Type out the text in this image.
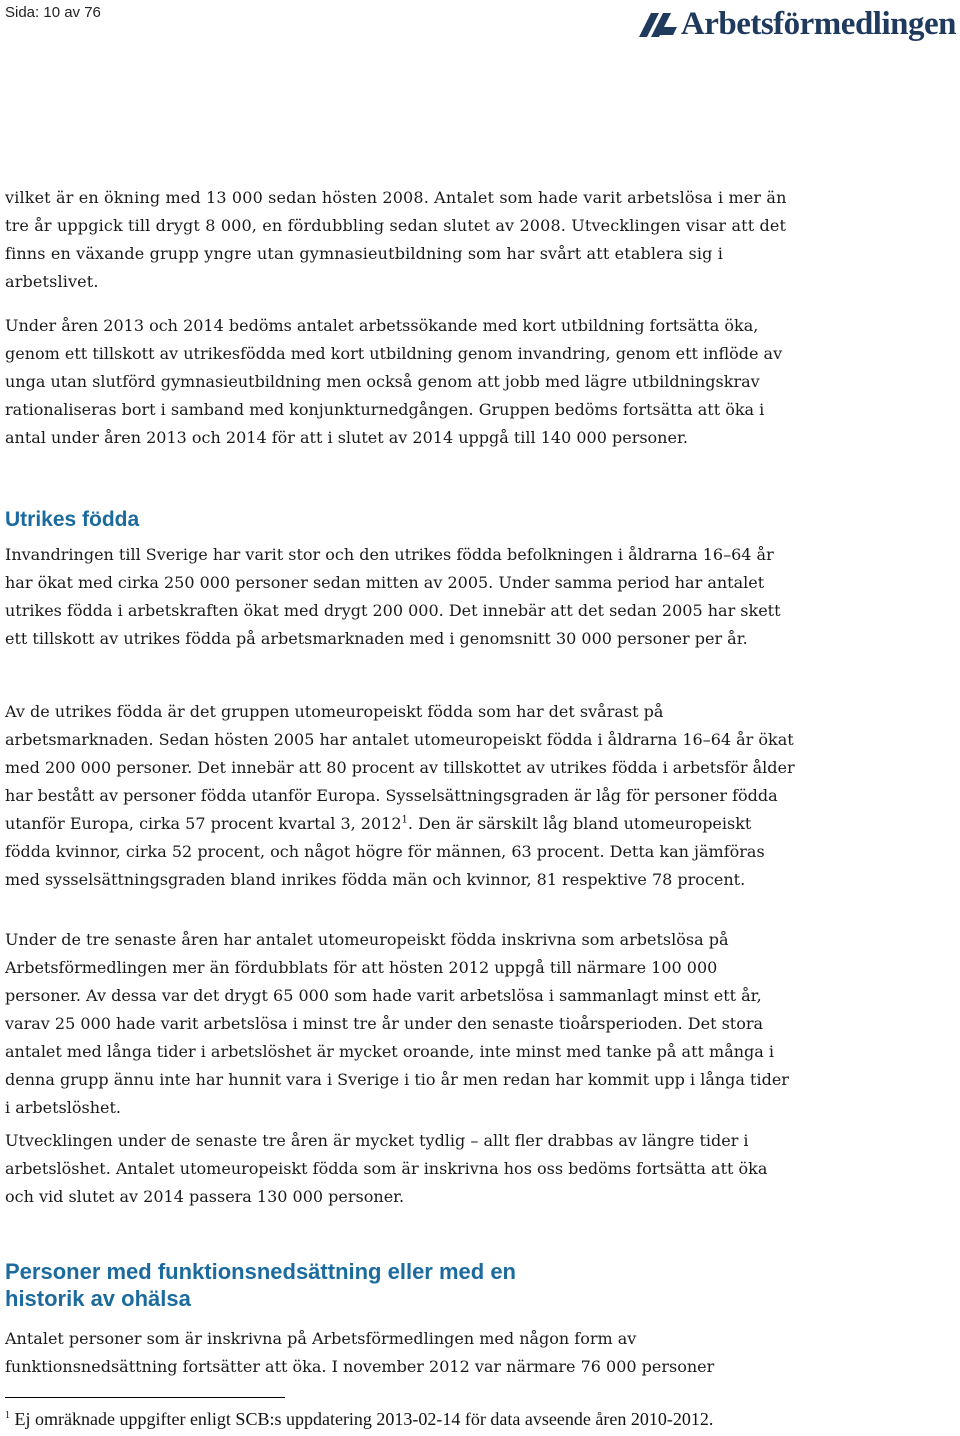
Sida: 10 av 76	Arbetsförmedlingen

vilket är en ökning med 13 000 sedan hösten 2008. Antalet som hade varit arbetslösa i mer än tre år uppgick till drygt 8 000, en fördubbling sedan slutet av 2008. Utvecklingen visar att det finns en växande grupp yngre utan gymnasieutbildning som har svårt att etablera sig i arbetslivet.

Under åren 2013 och 2014 bedöms antalet arbetssökande med kort utbildning fortsätta öka, genom ett tillskott av utrikesfödda med kort utbildning genom invandring, genom ett inflöde av unga utan slutförd gymnasieutbildning men också genom att jobb med lägre utbildningskrav rationaliseras bort i samband med konjunkturnedgången. Gruppen bedöms fortsätta att öka i antal under åren 2013 och 2014 för att i slutet av 2014 uppgå till 140 000 personer.

Utrikes födda

Invandringen till Sverige har varit stor och den utrikes födda befolkningen i åldrarna 16–64 år har ökat med cirka 250 000 personer sedan mitten av 2005. Under samma period har antalet utrikes födda i arbetskraften ökat med drygt 200 000. Det innebär att det sedan 2005 har skett ett tillskott av utrikes födda på arbetsmarknaden med i genomsnitt 30 000 personer per år.

Av de utrikes födda är det gruppen utomeuropeiskt födda som har det svårast på arbetsmarknaden. Sedan hösten 2005 har antalet utomeuropeiskt födda i åldrarna 16–64 år ökat med 200 000 personer. Det innebär att 80 procent av tillskottet av utrikes födda i arbetsför ålder har bestått av personer födda utanför Europa. Sysselsättningsgraden är låg för personer födda utanför Europa, cirka 57 procent kvartal 3, 2012$^1$. Den är särskilt låg bland utomeuropeiskt födda kvinnor, cirka 52 procent, och något högre för männen, 63 procent. Detta kan jämföras med sysselsättningsgraden bland inrikes födda män och kvinnor, 81 respektive 78 procent.

Under de tre senaste åren har antalet utomeuropeiskt födda inskrivna som arbetslösa på Arbetsförmedlingen mer än fördubblats för att hösten 2012 uppgå till närmare 100 000 personer. Av dessa var det drygt 65 000 som hade varit arbetslösa i sammanlagt minst ett år, varav 25 000 hade varit arbetslösa i minst tre år under den senaste tioårsperioden. Det stora antalet med långa tider i arbetslöshet är mycket oroande, inte minst med tanke på att många i denna grupp ännu inte har hunnit vara i Sverige i tio år men redan har kommit upp i långa tider i arbetslöshet.

Utvecklingen under de senaste tre åren är mycket tydlig – allt fler drabbas av längre tider i arbetslöshet. Antalet utomeuropeiskt födda som är inskrivna hos oss bedöms fortsätta att öka och vid slutet av 2014 passera 130 000 personer.

Personer med funktionsnedsättning eller med en historik av ohälsa

Antalet personer som är inskrivna på Arbetsförmedlingen med någon form av funktionsnedsättning fortsätter att öka. I november 2012 var närmare 76 000 personer

$^1$ Ej omräknade uppgifter enligt SCB:s uppdatering 2013-02-14 för data avseende åren 2010-2012.
